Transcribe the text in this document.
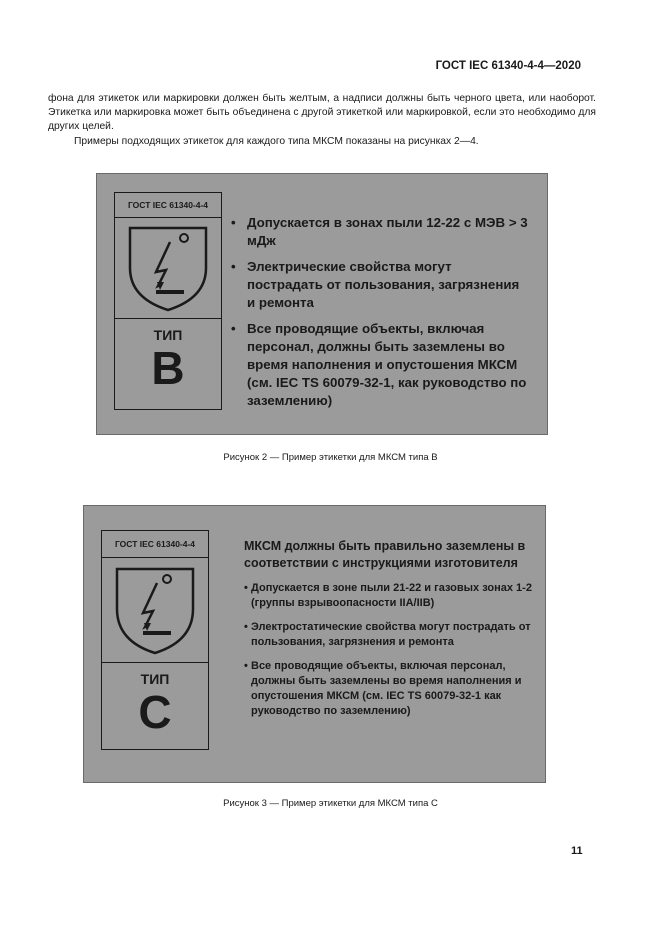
ГОСТ IEC 61340-4-4—2020

фона для этикеток или маркировки должен быть желтым, а надписи должны быть черного цвета, или наоборот. Этикетка или маркировка может быть объединена с другой этикеткой или маркировкой, если это необходимо для других целей.

Примеры подходящих этикеток для каждого типа МКСМ показаны на рисунках 2—4.

ГОСТ IEC 61340-4-4
ТИП
B
• Допускается в зонах пыли 12-22 с МЭВ > 3 мДж
• Электрические свойства могут пострадать от пользования, загрязнения и ремонта
• Все проводящие объекты, включая персонал, должны быть заземлены во время наполнения и опустошения МКСМ (см. IEC TS 60079-32-1, как руководство по заземлению)
Рисунок 2 — Пример этикетки для МКСМ типа В
ГОСТ IEC 61340-4-4
ТИП
C
МКСМ должны быть правильно заземлены в соответствии с инструкциями изготовителя
• Допускается в зоне пыли 21-22 и газовых зонах 1-2 (группы взрывоопасности IIA/IIB)
• Электростатические свойства могут пострадать от пользования, загрязнения и ремонта
• Все проводящие объекты, включая персонал, должны быть заземлены во время наполнения и опустошения МКСМ (см. IEC TS 60079-32-1 как руководство по заземлению)
Рисунок 3 — Пример этикетки для МКСМ типа С
11
